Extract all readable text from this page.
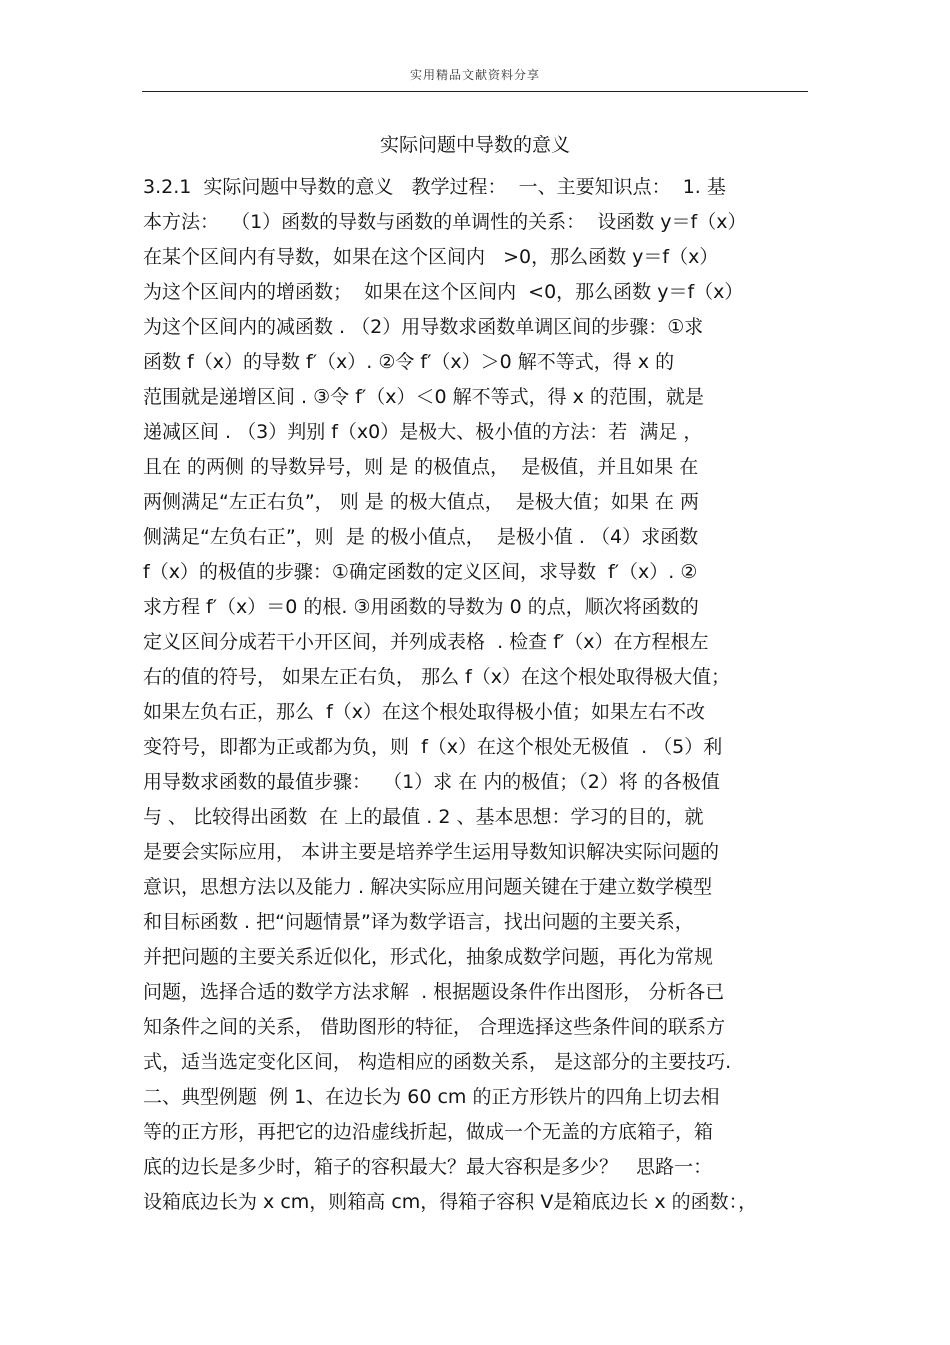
实用精品文献资料分享
实际问题中导数的意义
3.2.1  实际问题中导数的意义   教学过程：  一、主要知识点：  1. 基
本方法：  （1）函数的导数与函数的单调性的关系：  设函数 y＝f（x）
在某个区间内有导数，如果在这个区间内   >0，那么函数 y＝f（x）
为这个区间内的增函数；  如果在这个区间内  <0，那么函数 y＝f（x）
为这个区间内的减函数 . （2）用导数求函数单调区间的步骤：①求
函数 f（x）的导数 f′（x）. ②令 f′（x）＞0 解不等式，得 x 的
范围就是递增区间 . ③令 f′（x）＜0 解不等式，得 x 的范围，就是
递减区间 . （3）判别 f（x0）是极大、极小值的方法：若  满足 ，
且在 的两侧 的导数异号，则 是 的极值点，  是极值，并且如果 在
两侧满足“左正右负”， 则 是 的极大值点，  是极大值；如果 在 两
侧满足“左负右正”，则  是 的极小值点，  是极小值 . （4）求函数
f（x）的极值的步骤：①确定函数的定义区间，求导数  f′（x）. ②
求方程 f′（x）＝0 的根. ③用函数的导数为 0 的点，顺次将函数的
定义区间分成若干小开区间，并列成表格  . 检查 f′（x）在方程根左
右的值的符号， 如果左正右负， 那么 f（x）在这个根处取得极大值；
如果左负右正，那么  f（x）在这个根处取得极小值；如果左右不改
变符号，即都为正或都为负，则  f（x）在这个根处无极值  . （5）利
用导数求函数的最值步骤：  （1）求 在 内的极值；（2）将 的各极值
与 、 比较得出函数  在 上的最值 . 2 、基本思想：学习的目的，就
是要会实际应用， 本讲主要是培养学生运用导数知识解决实际问题的
意识，思想方法以及能力 . 解决实际应用问题关键在于建立数学模型
和目标函数 . 把“问题情景”译为数学语言，找出问题的主要关系，
并把问题的主要关系近似化，形式化，抽象成数学问题，再化为常规
问题，选择合适的数学方法求解  . 根据题设条件作出图形， 分析各已
知条件之间的关系， 借助图形的特征， 合理选择这些条件间的联系方
式，适当选定变化区间， 构造相应的函数关系， 是这部分的主要技巧.
二、典型例题  例 1、在边长为 60 cm 的正方形铁片的四角上切去相
等的正方形，再把它的边沿虚线折起，做成一个无盖的方底箱子，箱
底的边长是多少时，箱子的容积最大？最大容积是多少？   思路一：
设箱底边长为 x cm，则箱高 cm，得箱子容积 V是箱底边长 x 的函数：，
